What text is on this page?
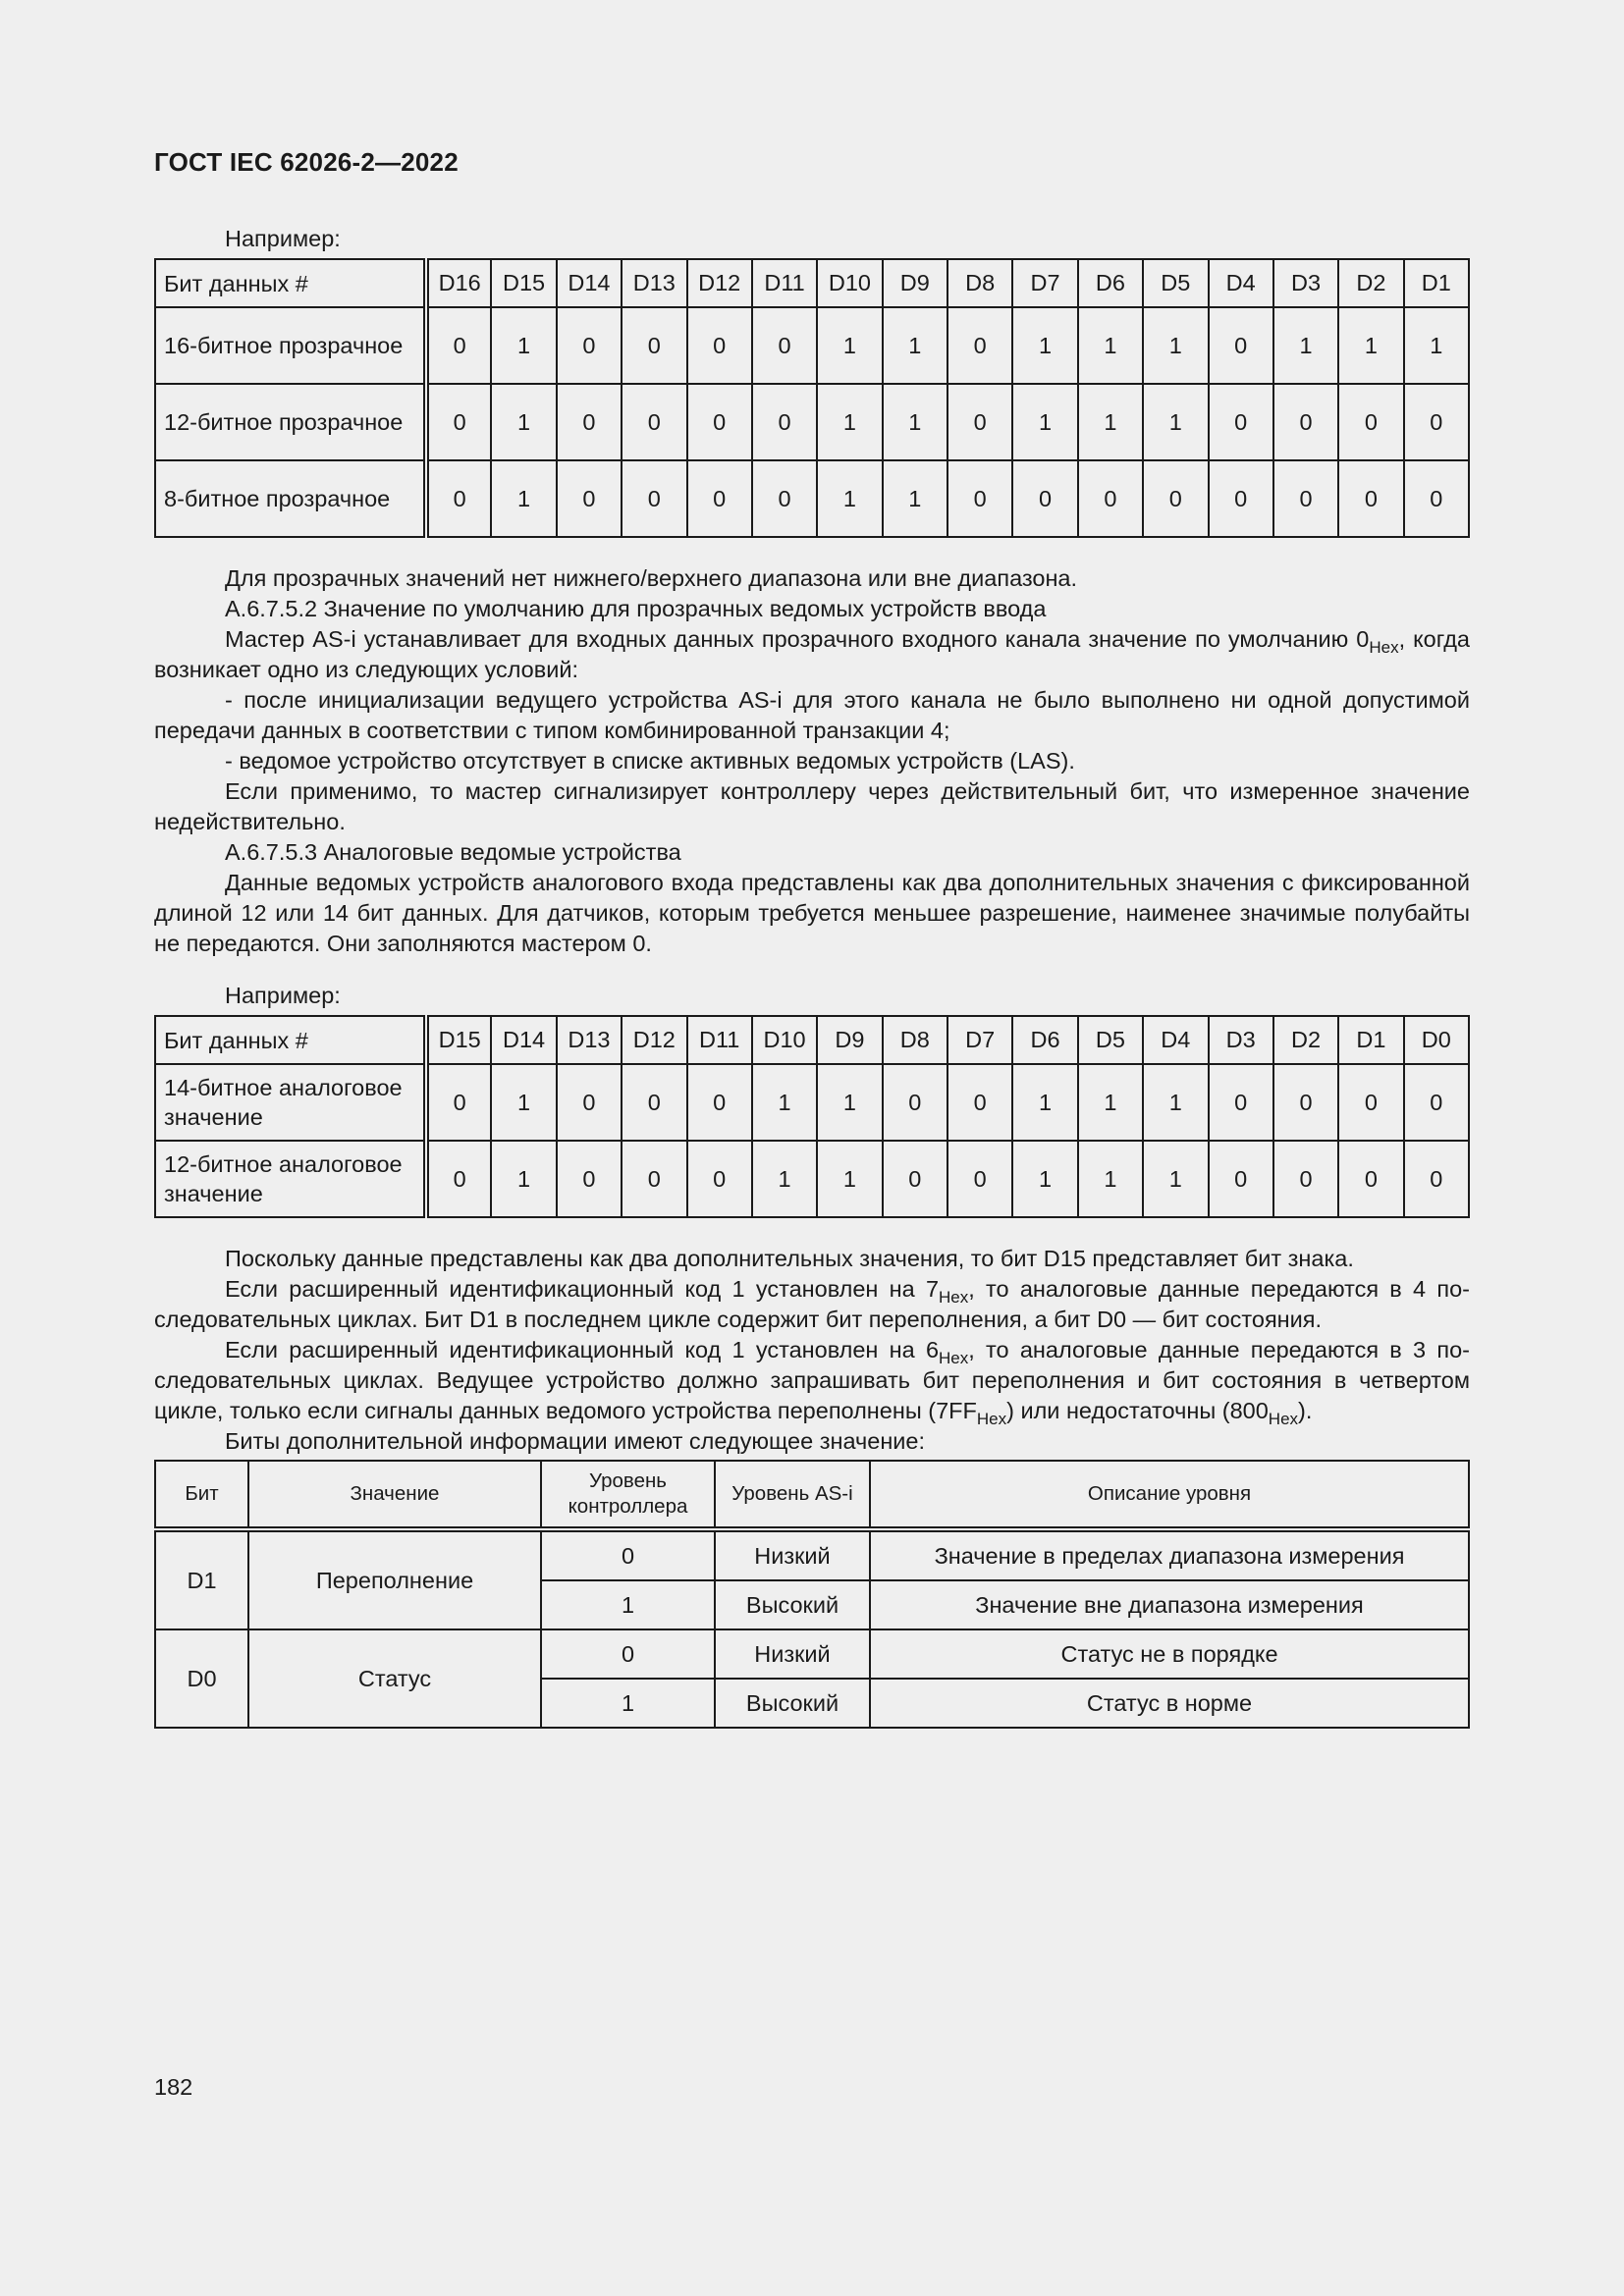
ГОСТ IEC 62026-2—2022

Например:

Бит данных #	D16	D15	D14	D13	D12	D11	D10	D9	D8	D7	D6	D5	D4	D3	D2	D1
16-битное прозрачное	0	1	0	0	0	0	1	1	0	1	1	1	0	1	1	1
12-битное прозрачное	0	1	0	0	0	0	1	1	0	1	1	1	0	0	0	0
8-битное прозрачное	0	1	0	0	0	0	1	1	0	0	0	0	0	0	0	0

Для прозрачных значений нет нижнего/верхнего диапазона или вне диапазона.

А.6.7.5.2 Значение по умолчанию для прозрачных ведомых устройств ввода

Мастер AS-i устанавливает для входных данных прозрачного входного канала значение по умолчанию $0_{Hex}$, когда возникает одно из следующих условий:

- после инициализации ведущего устройства AS-i для этого канала не было выполнено ни одной допустимой передачи данных в соответствии с типом комбинированной транзакции 4;

- ведомое устройство отсутствует в списке активных ведомых устройств (LAS).

Если применимо, то мастер сигнализирует контроллеру через действительный бит, что измеренное значение недействительно.

А.6.7.5.3 Аналоговые ведомые устройства

Данные ведомых устройств аналогового входа представлены как два дополнительных значения с фиксированной длиной 12 или 14 бит данных. Для датчиков, которым требуется меньшее разрешение, наименее значимые полубайты не передаются. Они заполняются мастером 0.

Например:

Бит данных #	D15	D14	D13	D12	D11	D10	D9	D8	D7	D6	D5	D4	D3	D2	D1	D0
14-битное аналоговое значение	0	1	0	0	0	1	1	0	0	1	1	1	0	0	0	0
12-битное аналоговое значение	0	1	0	0	0	1	1	0	0	1	1	1	0	0	0	0

Поскольку данные представлены как два дополнительных значения, то бит D15 представляет бит знака.

Если расширенный идентификационный код 1 установлен на $7_{Hex}$, то аналоговые данные передаются в 4 последовательных циклах. Бит D1 в последнем цикле содержит бит переполнения, а бит D0 — бит состояния.

Если расширенный идентификационный код 1 установлен на $6_{Hex}$, то аналоговые данные передаются в 3 последовательных циклах. Ведущее устройство должно запрашивать бит переполнения и бит состояния в четвертом цикле, только если сигналы данных ведомого устройства переполнены $(7FF_{Hex})$ или недостаточны $(800_{Hex})$.

Биты дополнительной информации имеют следующее значение:

Бит	Значение	Уровень контроллера	Уровень AS-i	Описание уровня
D1	Переполнение	0	Низкий	Значение в пределах диапазона измерения
		1	Высокий	Значение вне диапазона измерения
D0	Статус	0	Низкий	Статус не в порядке
		1	Высокий	Статус в норме
182
